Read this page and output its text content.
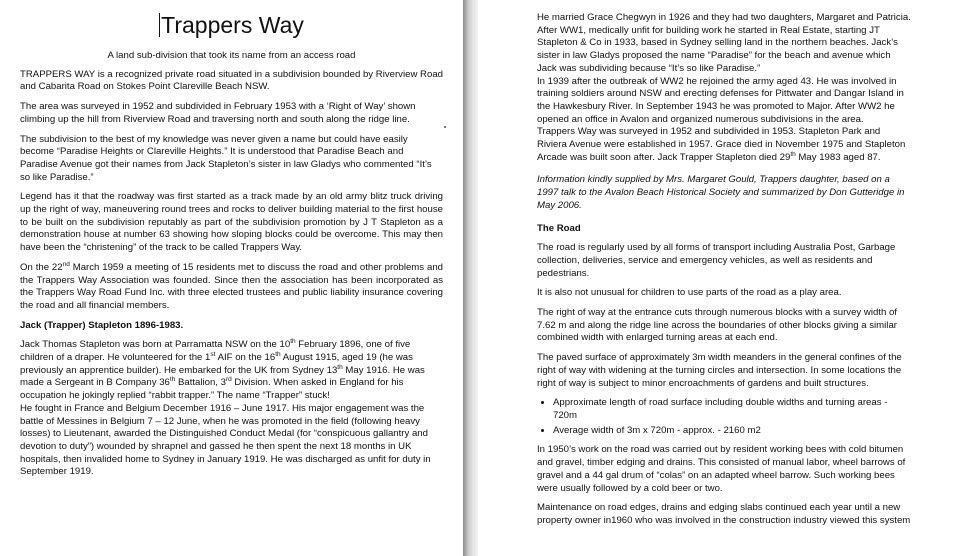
Trappers Way

A land sub-division that took its name from an access road

TRAPPERS WAY is a recognized private road situated in a subdivision bounded by Riverview Road and Cabarita Road on Stokes Point Clareville Beach NSW.

The area was surveyed in 1952 and subdivided in February 1953 with a ‘Right of Way’ shown climbing up the hill from Riverview Road and traversing north and south along the ridge line.

The subdivision to the best of my knowledge was never given a name but could have easily become “Paradise Heights or Clareville Heights.” It is understood that Paradise Beach and Paradise Avenue got their names from Jack Stapleton’s sister in law Gladys who commented “It’s so like Paradise.”

Legend has it that the roadway was first started as a track made by an old army blitz truck driving up the right of way, maneuvering round trees and rocks to deliver building material to the first house to be built on the subdivision reputably as part of the subdivision promotion by J T Stapleton as a demonstration house at number 63 showing how sloping blocks could be overcome. This may then have been the “christening” of the track to be called Trappers Way.

On the 22nd March 1959 a meeting of 15 residents met to discuss the road and other problems and the Trappers Way Association was founded. Since then the association has been incorporated as the Trappers Way Road Fund Inc. with three elected trustees and public liability insurance covering the road and all financial members.

Jack (Trapper) Stapleton 1896-1983.

Jack Thomas Stapleton was born at Parramatta NSW on the 10th February 1896, one of five children of a draper. He volunteered for the 1st AIF on the 16th August 1915, aged 19 (he was previously an apprentice builder). He embarked for the UK from Sydney 13th May 1916. He was made a Sergeant in B Company 36th Battalion, 3rd Division. When asked in England for his occupation he jokingly replied “rabbit trapper.” The name “Trapper” stuck!
He fought in France and Belgium December 1916 – June 1917. His major engagement was the battle of Messines in Belgium 7 – 12 June, when he was promoted in the field (following heavy losses) to Lieutenant, awarded the Distinguished Conduct Medal (for “conspicuous gallantry and devotion to duty”) wounded by shrapnel and gassed he then spent the next 18 months in UK hospitals, then invalided home to Sydney in January 1919. He was discharged as unfit for duty in September 1919.

He married Grace Chegwyn in 1926 and they had two daughters, Margaret and Patricia. After WW1, medically unfit for building work he started in Real Estate, starting JT Stapleton & Co in 1933, based in Sydney selling land in the northern beaches. Jack’s sister in law Gladys proposed the name “Paradise” for the beach and avenue which Jack was subdividing because “It’s so like Paradise.”

In 1939 after the outbreak of WW2 he rejoined the army aged 43. He was involved in training soldiers around NSW and erecting defenses for Pittwater and Dangar Island in the Hawkesbury River. In September 1943 he was promoted to Major. After WW2 he opened an office in Avalon and organized numerous subdivisions in the area.

Trappers Way was surveyed in 1952 and subdivided in 1953. Stapleton Park and Riviera Avenue were established in 1957. Grace died in November 1975 and Stapleton Arcade was built soon after. Jack Trapper Stapleton died 29th May 1983 aged 87.

Information kindly supplied by Mrs. Margaret Gould, Trappers daughter, based on a 1997 talk to the Avalon Beach Historical Society and summarized by Don Gutteridge in May 2006.

The Road

The road is regularly used by all forms of transport including Australia Post, Garbage collection, deliveries, service and emergency vehicles, as well as residents and pedestrians.

It is also not unusual for children to use parts of the road as a play area.

The right of way at the entrance cuts through numerous blocks with a survey width of 7.62 m and along the ridge line across the boundaries of other blocks giving a similar combined width with enlarged turning areas at each end.

The paved surface of approximately 3m width meanders in the general confines of the right of way with widening at the turning circles and intersection. In some locations the right of way is subject to minor encroachments of gardens and built structures.

• Approximate length of road surface including double widths and turning areas - 720m
• Average width of 3m x 720m - approx. - 2160 m2

In 1950’s work on the road was carried out by resident working bees with cold bitumen and gravel, timber edging and drains. This consisted of manual labor, wheel barrows of gravel and a 44 gal drum of “colas” on an adapted wheel barrow. Such working bees were usually followed by a cold beer or two.

Maintenance on road edges, drains and edging slabs continued each year until a new property owner in1960 who was involved in the construction industry viewed this system
